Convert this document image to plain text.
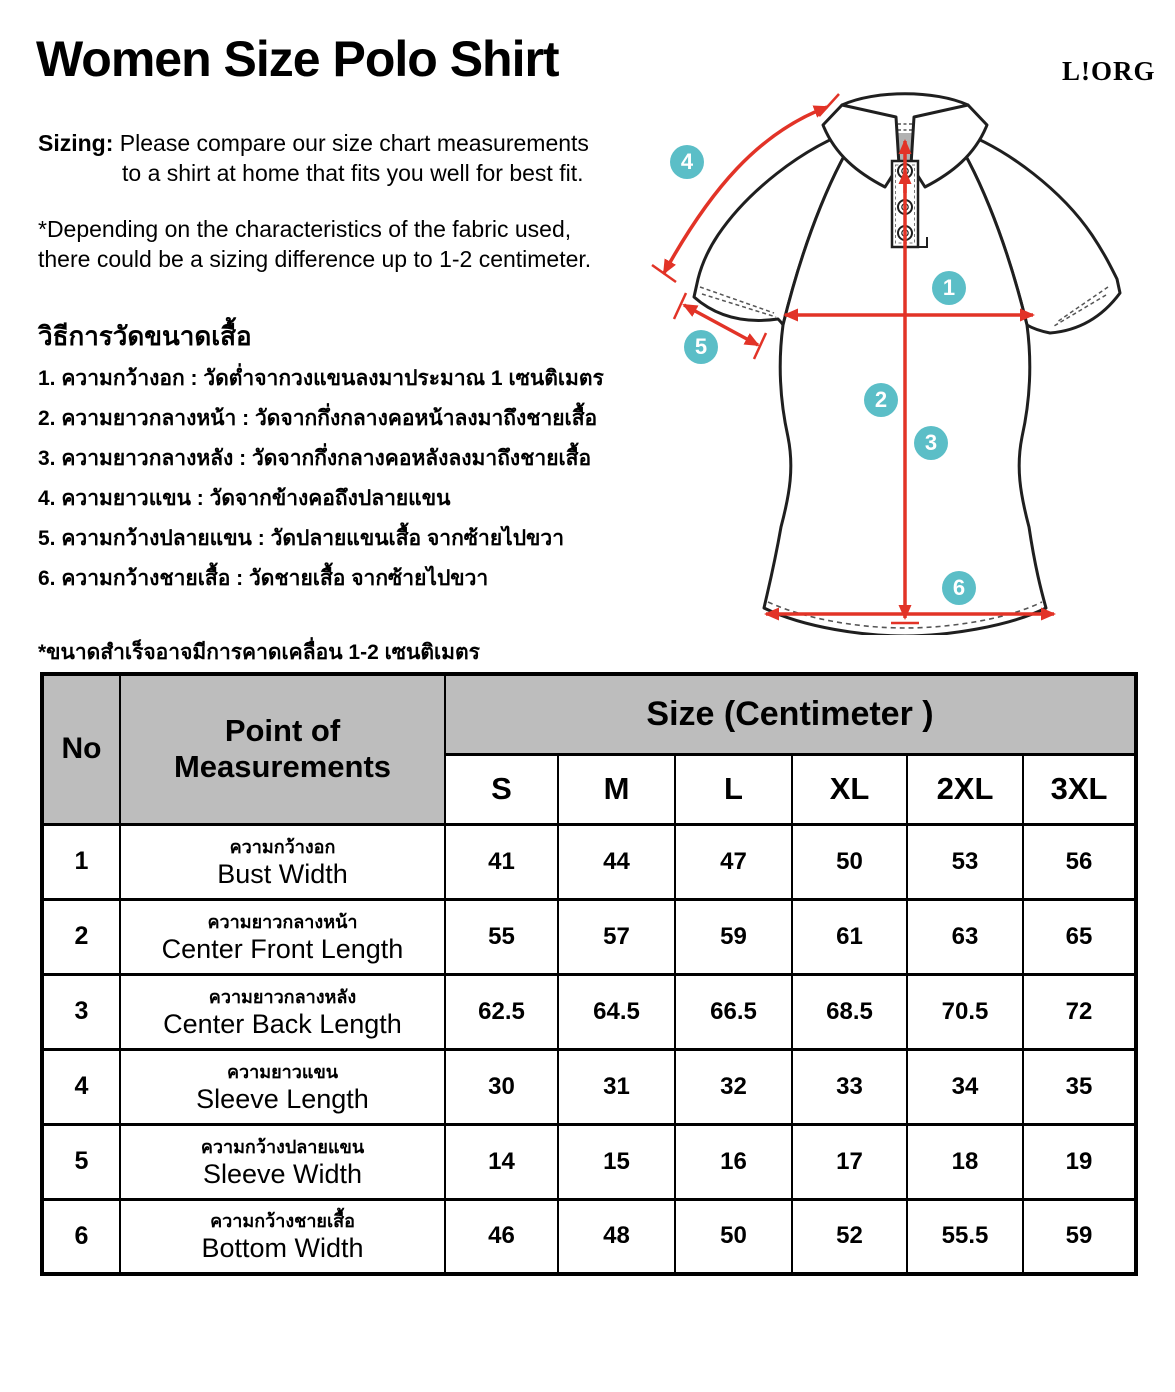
Women Size Polo Shirt	L!ORG
Sizing: Please compare our size chart measurements
to a shirt at home that fits you well for best fit.
*Depending on the characteristics of the fabric used,
there could be a sizing difference up to 1-2 centimeter.
วิธีการวัดขนาดเสื้อ
1. ความกว้างอก : วัดต่ำจากวงแขนลงมาประมาณ 1 เซนติเมตร
2. ความยาวกลางหน้า : วัดจากกึ่งกลางคอหน้าลงมาถึงชายเสื้อ
3. ความยาวกลางหลัง : วัดจากกึ่งกลางคอหลังลงมาถึงชายเสื้อ
4. ความยาวแขน : วัดจากข้างคอถึงปลายแขน
5. ความกว้างปลายแขน : วัดปลายแขนเสื้อ จากซ้ายไปขวา
6. ความกว้างชายเสื้อ : วัดชายเสื้อ จากซ้ายไปขวา
1
2
3
4
5
6
*ขนาดสำเร็จอาจมีการคาดเคลื่อน 1-2 เซนติเมตร
No	Point of Measurements	Size (Centimeter )					
		S	M	L	XL	2XL	3XL
1	ความกว้างอก
Bust Width	41	44	47	50	53	56
2	ความยาวกลางหน้า
Center Front Length	55	57	59	61	63	65
3	ความยาวกลางหลัง
Center Back Length	62.5	64.5	66.5	68.5	70.5	72
4	ความยาวแขน
Sleeve Length	30	31	32	33	34	35
5	ความกว้างปลายแขน
Sleeve Width	14	15	16	17	18	19
6	ความกว้างชายเสื้อ
Bottom Width	46	48	50	52	55.5	59
